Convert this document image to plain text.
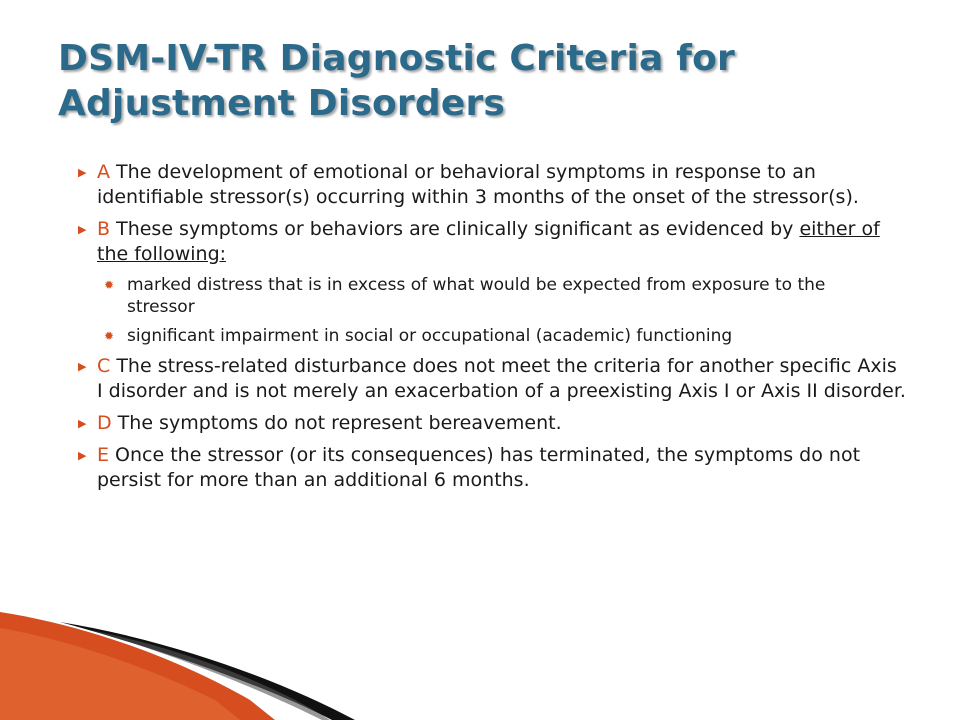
DSM-IV-TR Diagnostic Criteria for
Adjustment Disorders
▶ A The development of emotional or behavioral symptoms in response to an identifiable stressor(s) occurring within 3 months of the onset of the stressor(s).
▶ B These symptoms or behaviors are clinically significant as evidenced by either of the following:
✹ marked distress that is in excess of what would be expected from exposure to the stressor
✹ significant impairment in social or occupational (academic) functioning
▶ C The stress-related disturbance does not meet the criteria for another specific Axis I disorder and is not merely an exacerbation of a preexisting Axis I or Axis II disorder.
▶ D The symptoms do not represent bereavement.
▶ E Once the stressor (or its consequences) has terminated, the symptoms do not persist for more than an additional 6 months.
